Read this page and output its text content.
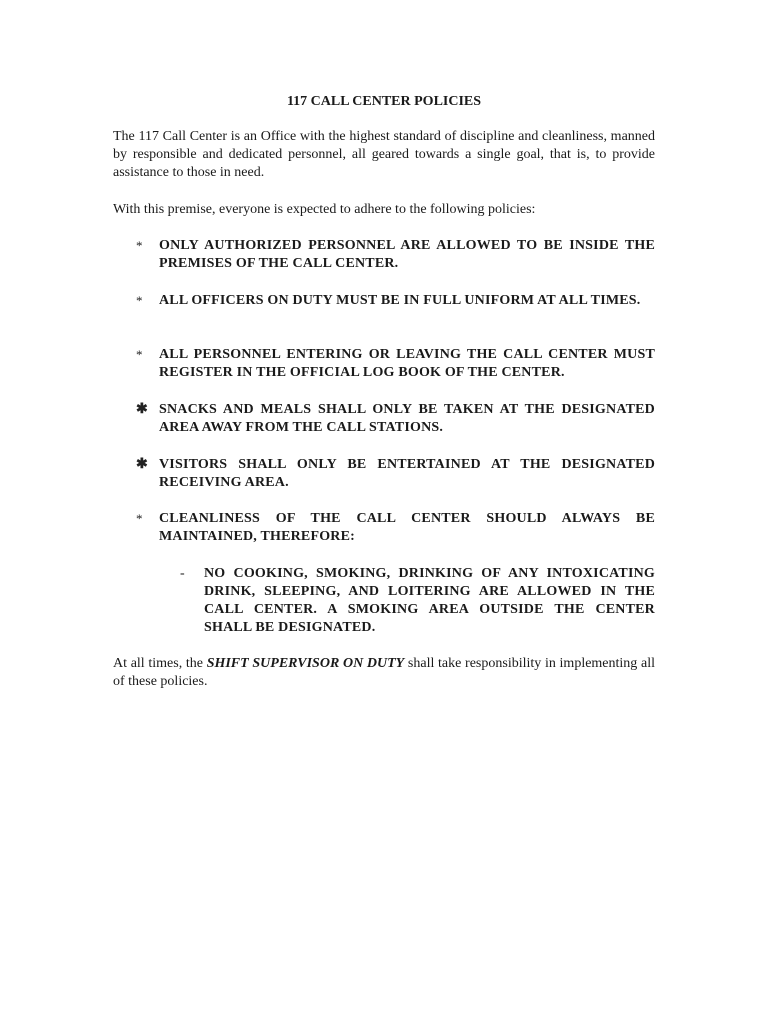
117 CALL CENTER POLICIES
The 117 Call Center is an Office with the highest standard of discipline and cleanliness, manned by responsible and dedicated personnel, all geared towards a single goal, that is, to provide assistance to those in need.
With this premise, everyone is expected to adhere to the following policies:
*	ONLY AUTHORIZED PERSONNEL ARE ALLOWED TO BE INSIDE THE PREMISES OF THE CALL CENTER.
*	ALL OFFICERS ON DUTY MUST BE IN FULL UNIFORM AT ALL TIMES.
*	ALL PERSONNEL ENTERING OR LEAVING THE CALL CENTER MUST REGISTER IN THE OFFICIAL LOG BOOK OF THE CENTER.
✱ SNACKS AND MEALS SHALL ONLY BE TAKEN AT THE DESIGNATED AREA AWAY FROM THE CALL STATIONS.
✱ VISITORS SHALL ONLY BE ENTERTAINED AT THE DESIGNATED RECEIVING AREA.
*	CLEANLINESS OF THE CALL CENTER SHOULD ALWAYS BE MAINTAINED, THEREFORE:
-	NO COOKING, SMOKING, DRINKING OF ANY INTOXICATING DRINK, SLEEPING, AND LOITERING ARE ALLOWED IN THE CALL CENTER. A SMOKING AREA OUTSIDE THE CENTER SHALL BE DESIGNATED.
At all times, the SHIFT SUPERVISOR ON DUTY shall take responsibility in implementing all of these policies.
